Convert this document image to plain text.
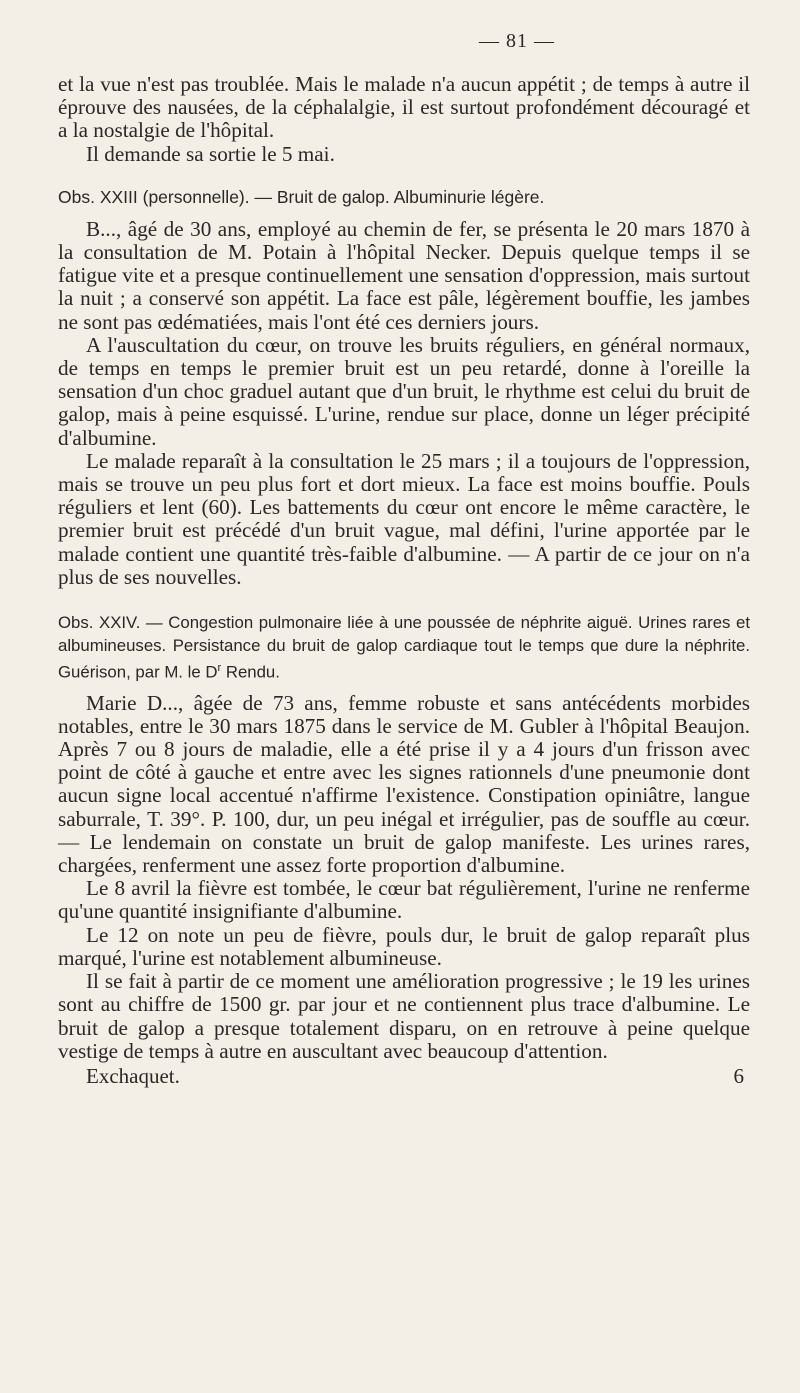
— 81 —

et la vue n'est pas troublée. Mais le malade n'a aucun appétit ; de temps à autre il éprouve des nausées, de la céphalalgie, il est surtout profondément découragé et a la nostalgie de l'hôpital.

Il demande sa sortie le 5 mai.

Obs. XXIII (personnelle). — Bruit de galop. Albuminurie légère.

B..., âgé de 30 ans, employé au chemin de fer, se présenta le 20 mars 1870 à la consultation de M. Potain à l'hôpital Necker. Depuis quelque temps il se fatigue vite et a presque continuellement une sensation d'oppression, mais surtout la nuit ; a conservé son appétit. La face est pâle, légèrement bouffie, les jambes ne sont pas œdématiées, mais l'ont été ces derniers jours.

A l'auscultation du cœur, on trouve les bruits réguliers, en général normaux, de temps en temps le premier bruit est un peu retardé, donne à l'oreille la sensation d'un choc graduel autant que d'un bruit, le rhythme est celui du bruit de galop, mais à peine esquissé. L'urine, rendue sur place, donne un léger précipité d'albumine.

Le malade reparaît à la consultation le 25 mars ; il a toujours de l'oppression, mais se trouve un peu plus fort et dort mieux. La face est moins bouffie. Pouls réguliers et lent (60). Les battements du cœur ont encore le même caractère, le premier bruit est précédé d'un bruit vague, mal défini, l'urine apportée par le malade contient une quantité très-faible d'albumine. — A partir de ce jour on n'a plus de ses nouvelles.

Obs. XXIV. — Congestion pulmonaire liée à une poussée de néphrite aiguë. Urines rares et albumineuses. Persistance du bruit de galop cardiaque tout le temps que dure la néphrite. Guérison, par M. le $D^r$ Rendu.

Marie D..., âgée de 73 ans, femme robuste et sans antécédents morbides notables, entre le 30 mars 1875 dans le service de M. Gubler à l'hôpital Beaujon. Après 7 ou 8 jours de maladie, elle a été prise il y a 4 jours d'un frisson avec point de côté à gauche et entre avec les signes rationnels d'une pneumonie dont aucun signe local accentué n'affirme l'existence. Constipation opiniâtre, langue saburrale, T. 39°. P. 100, dur, un peu inégal et irrégulier, pas de souffle au cœur. — Le lendemain on constate un bruit de galop manifeste. Les urines rares, chargées, renferment une assez forte proportion d'albumine.

Le 8 avril la fièvre est tombée, le cœur bat régulièrement, l'urine ne renferme qu'une quantité insignifiante d'albumine.

Le 12 on note un peu de fièvre, pouls dur, le bruit de galop reparaît plus marqué, l'urine est notablement albumineuse.

Il se fait à partir de ce moment une amélioration progressive ; le 19 les urines sont au chiffre de 1500 gr. par jour et ne contiennent plus trace d'albumine. Le bruit de galop a presque totalement disparu, on en retrouve à peine quelque vestige de temps à autre en auscultant avec beaucoup d'attention.

Exchaquet.	6
